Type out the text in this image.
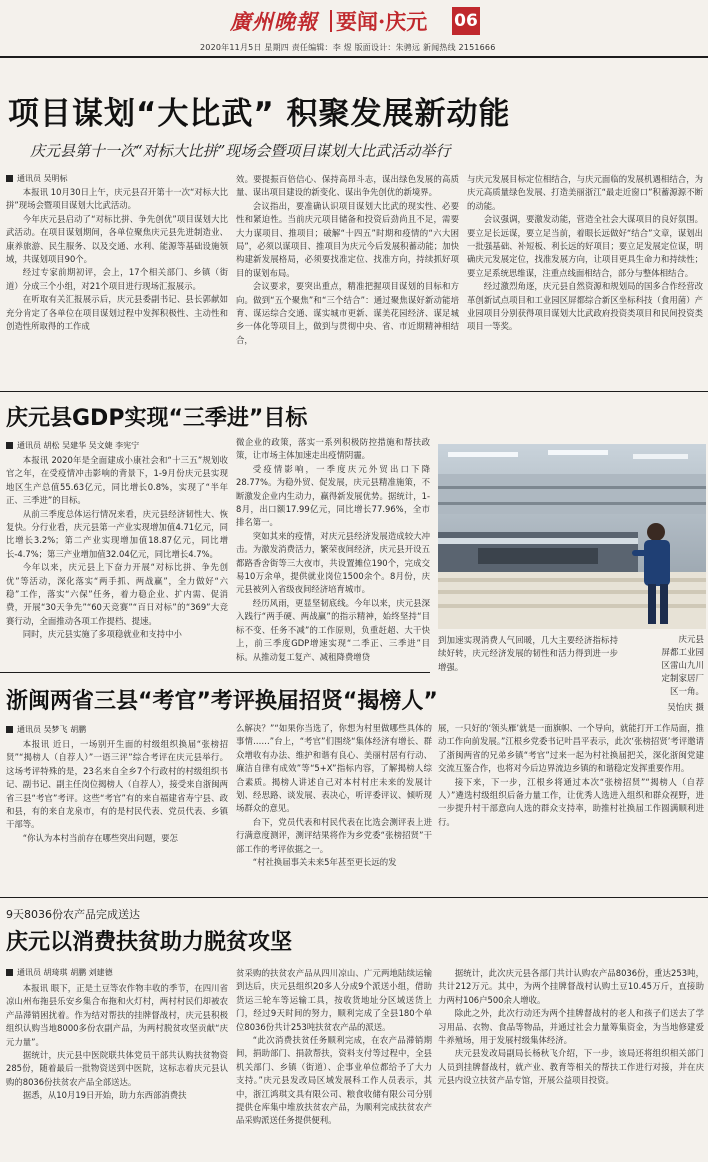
廣州晚報 要闻·庆元 06
2020年11月5日 星期四 责任编辑：李 煜 版面设计：朱骋远 新闻热线 2151666
项目谋划“大比武” 积聚发展新动能
庆元县第十一次“对标大比拼”现场会暨项目谋划大比武活动举行
通讯员 吴明标

本报讯 10月30日上午，庆元县召开第十一次“对标大比拼”现场会暨项目谋划大比武活动。

今年庆元县启动了“对标比拼、争先创优”项目谋划大比武活动。在项目谋划期间，各单位聚焦庆元县先进制造业、康养旅游、民生服务、以及交通、水利、能源等基础设施领域，共谋划项目90个。

经过专家前期初评，会上，17个相关部门、乡镇（街道）分成三个小组，对21个项目进行现场汇报展示。

在听取有关汇报展示后，庆元县委副书记、县长郭献如充分肯定了各单位在项目谋划过程中发挥积极性、主动性和创造性所取得的工作成

效。要提振百倍信心、保持高昂斗志，谋出绿色发展的高质量、谋出项目建设的新变化、谋出争先创优的新境界。

会议指出，要准确认识项目谋划大比武的现实性、必要性和紧迫性。当前庆元项目储备和投资后劲尚且不足，需要大力谋项目、推项目；破解“十四五”时期和疫情的“六大困局”，必须以谋项目、推项目为庆元今后发展积蓄动能；加快构建新发展格局，必须要找准定位、找准方向，持续抓好项目的谋划布局。

会议要求，要突出重点，精准把握项目谋划的目标和方向。做到“五个聚焦”和“三个结合”：通过聚焦谋好新动能培育、谋运综合交通、谋实城市更新、谋美花园经济、谋足城乡一体化等项目上，做到与贯彻中央、省、市近期精神相结合，

与庆元发展目标定位相结合，与庆元面临的发展机遇相结合，为庆元高质量绿色发展、打造美丽浙江“最走近窗口”积蓄源源不断的动能。

会议强调，要激发动能，营造全社会大谋项目的良好氛围。要立足长远谋，要立足当前，着眼长远做好“结合”文章，谋划出一批强基础、补短板、利长远的好项目；要立足发展定位谋，明确庆元发展定位，找准发展方向，让项目更具生命力和持续性；要立足系统思维谋，注重点线面相结合，部分与整体相结合。

经过激烈角逐，庆元县自然资源和规划局的国多合作经营改革创新试点项目和工业园区屏都综合新区坐标科技（食用菌）产业园项目分别获得项目谋划大比武政府投资类项目和民间投资类项目一等奖。

庆元县GDP实现“三季进”目标
通讯员 胡松 吴建华 吴文婕 李宪宁

本报讯 2020年是全面建成小康社会和“十三五”规划收官之年，在受疫情冲击影响的背景下，1-9月份庆元县实现地区生产总值55.63亿元，同比增长0.8%，实现了“半年正、三季进”的目标。

从前三季度总体运行情况来看，庆元县经济韧性大、恢复快。分行业看，庆元县第一产业实现增加值4.71亿元，同比增长3.2%；第二产业实现增加值18.87亿元，同比增长-4.7%；第三产业增加值32.04亿元，同比增长4.7%。

今年以来，庆元县上下奋力开展“对标比拼、争先创优”等活动，深化落实“两手抓、两战赢”，全力做好“六稳”工作，落实“六保”任务，着力稳企业、扩内需、促消费，开展“30天争先”“60天竞赛”“百日对标”的“369”大竞赛行动，全面推动各项工作提档、提速。

同时，庆元县实施了多项稳就业和支持中小

微企业的政策，落实一系列积极防控措施和帮扶政策，让市场主体加速走出疫情阴霾。

受疫情影响，一季度庆元外贸出口下降28.77%。为稳外贸、促发展，庆元县精准施策，不断激发企业内生动力，赢得新发展优势。据统计，1-8月，出口额17.99亿元，同比增长77.96%，全市排名第一。

突如其来的疫情，对庆元县经济发展造成较大冲击。为激发消费活力，繁荣夜间经济，庆元县开设五都路香舍街等三大夜市，共设置摊位190个，完成交易10万余单，提供就业岗位1500余个。8月份，庆元县被列入省级夜间经济培育城市。

经历风雨，更显坚韧底线。今年以来，庆元县深入践行“两手硬、两战赢”的指示精神，始终坚持“目标不变、任务不减”的工作原则，负重赶超、大干快上，前三季度GDP增速实现“二季正、三季进”目标。从推动复工复产、减租降费增贷

到加速实现消费人气回暖，几大主要经济指标持续好转，庆元经济发展的韧性和活力得到进一步增强。

庆元县
屏都工业园
区雷山九川
定制家居厂
区一角。
吴怡庆 摄
浙闽两省三县“考官”考评换届招贤“揭榜人”
通讯员 吴梦飞 胡鹏

本报讯 近日，一场别开生面的村级组织换届“张榜招贤”“揭榜人（自荐人）”一语三评”综合考评在庆元县举行。这场考评特殊的是，23名来自全乡7个行政村的村级组织书记、副书记、副主任岗位揭榜人（自荐人），接受来自浙闽两省三县“考官”考评。这些“考官”有的来自福建省寿宁县、政和县，有的来自龙泉市，有的是村民代表、党员代表、乡镇干部等。

“你认为本村当前存在哪些突出问题，要怎

么解决？”“如果你当选了，你想为村里做哪些具体的事情……”台上，“考官”们围绕“集体经济有增长、群众增收有办法、维护和谐有良心、美丽村居有行动、廉洁自律有成效”等“5+X”指标内容，了解揭榜人综合素质。揭榜人讲述自己对本村村庄未来的发展计划、经思路、谈发展、表决心，听评委评议、倾听现场群众的意见。

台下，党员代表和村民代表在比选会测评表上进行满意度测评，测评结果将作为乡党委“张榜招贤”干部工作的考评依据之一。

“村社换届事关未来5年甚至更长远的发

展，一只好的‘领头雁’就是一面旗帜、一个导向，就能打开工作局面，推动工作向前发展。”江根乡党委书记叶昌平表示，此次‘张榜招贤’考评邀请了浙闽两省的兄弟乡镇“考官”过来一起为村社换届把关，深化浙闽党建交流互鉴合作，也将对今后边界流边乡镇的和谐稳定发挥重要作用。

接下来，下一步，江根乡将通过本次“张榜招贤”“揭榜人（自荐人）”遴选村级组织后备力量工作，让优秀人选进入组织和群众视野，进一步提升村干部意向人选的群众支持率，助推村社换届工作圆满顺利进行。

9天8036份农产品完成送达
庆元以消费扶贫助力脱贫攻坚
通讯员 胡琦琪 胡鹏 刘建德

本报讯 眼下，正是土豆等农作物丰收的季节，在四川省凉山州布拖县乐安乡集合布拖和火灯村，两村村民们却被农产品滞销困扰着。作为结对帮扶的挂牌督战村，庆元县积极组织认购当地8000多份农副产品，为两村脱贫攻坚贡献“庆元力量”。

据统计，庆元县中医院联共体党员干部共认购扶贫物资285份，随着最后一批物资送到中医院，这标志着庆元县认购的8036份扶贫农产品全部送达。

据悉，从10月19日开始，助力东西部消费扶

贫采购的扶贫农产品从四川凉山、广元两地陆续运输到达后，庆元县组织20多人分成9个派送小组，借助货运三轮车等运输工具，按收货地址分区域送货上门，经过9天时间的努力，顺利完成了全县180个单位8036份共计253吨扶贫农产品的派送。

“此次消费扶贫任务顺利完成，在农产品滞销期间，捐助部门、捐款帮扶，资料支付等过程中，全县机关部门、乡镇（街道）、企事业单位都给予了大力支持。”庆元县发改局区域发展科工作人员表示，其中，浙江鸿琪文具有限公司、粮食收储有限公司分别提供仓库集中堆放扶贫农产品，为顺利完成扶贫农产品采购派送任务提供便利。

据统计，此次庆元县各部门共计认购农产品8036份，重达253吨，共计212万元。其中，为两个挂牌督战村认购土豆10.45万斤，直接助力两村106户500余人增收。

除此之外，此次行动还为两个挂牌督战村的老人和孩子们送去了学习用品、衣物、食品等物品，并通过社会力量筹集资金，为当地修建爱牛养殖场，用于发展村级集体经济。

庆元县发改局副局长杨秋飞介绍，下一步，该局还将组织相关部门人员到挂牌督战村，就产业、教育等相关的帮扶工作进行对接，并在庆元县内设立扶贫产品专馆，开展公益项目投资。
